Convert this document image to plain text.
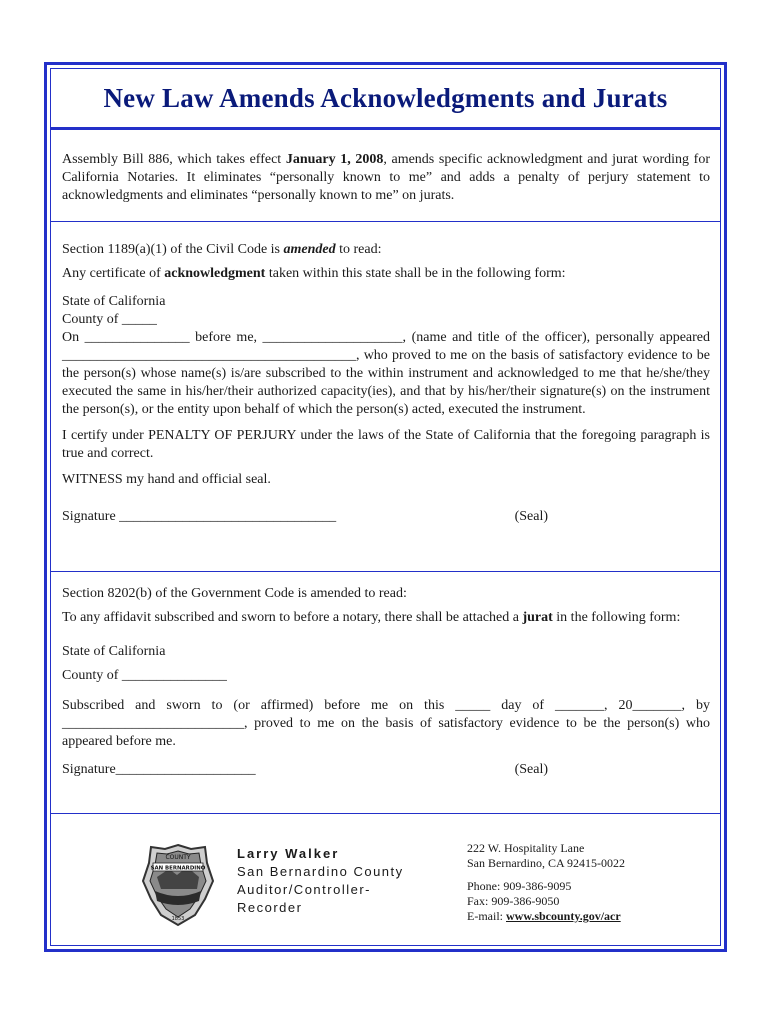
New Law Amends Acknowledgments and Jurats

Assembly Bill 886, which takes effect January 1, 2008, amends specific acknowledgment and jurat wording for California Notaries. It eliminates “personally known to me” and adds a penalty of perjury statement to acknowledgments and eliminates “personally known to me” on jurats.

Section 1189(a)(1) of the Civil Code is amended to read:

Any certificate of acknowledgment taken within this state shall be in the following form:

State of California

County of _____

On _______________ before me, ____________________, (name and title of the officer), personally appeared __________________________________________, who proved to me on the basis of satisfactory evidence to be the person(s) whose name(s) is/are subscribed to the within instrument and acknowledged to me that he/she/they executed the same in his/her/their authorized capacity(ies), and that by his/her/their signature(s) on the instrument the person(s), or the entity upon behalf of which the person(s) acted, executed the instrument.

I certify under PENALTY OF PERJURY under the laws of the State of California that the foregoing paragraph is true and correct.

WITNESS my hand and official seal.

Signature _______________________________	(Seal)

Section 8202(b) of the Government Code is amended to read:

To any affidavit subscribed and sworn to before a notary, there shall be attached a jurat in the following form:

State of California

County of _______________

Subscribed and sworn to (or affirmed) before me on this _____ day of _______, 20_______, by __________________________, proved to me on the basis of satisfactory evidence to be the person(s) who appeared before me.

Signature____________________	(Seal)
COUNTY
SAN BERNARDINO
1853
Larry Walker
San Bernardino County
Auditor/Controller-
Recorder
222 W. Hospitality Lane
San Bernardino, CA 92415-0022
Phone: 909-386-9095
Fax: 909-386-9050
E-mail: www.sbcounty.gov/acr
